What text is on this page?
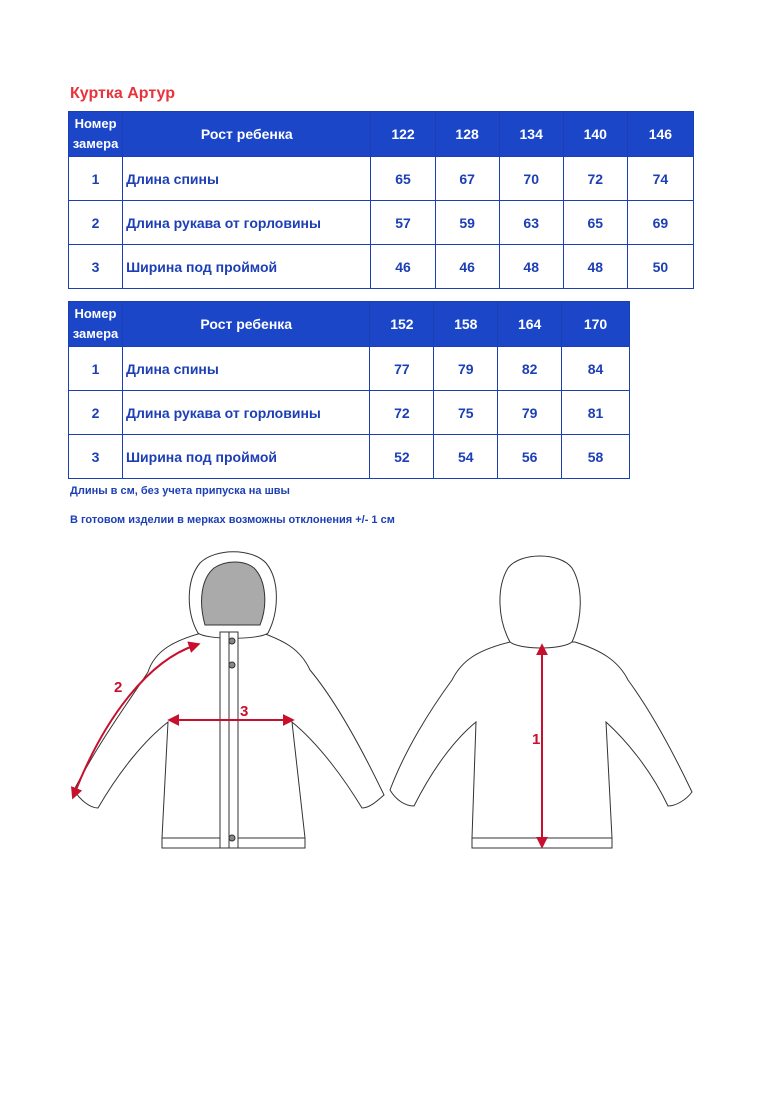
Куртка Артур
Номер
замера	Рост ребенка	122	128	134	140	146
1	Длина спины	65	67	70	72	74
2	Длина рукава от горловины	57	59	63	65	69
3	Ширина под проймой	46	46	48	48	50
Номер
замера	Рост ребенка	152	158	164	170
1	Длина спины	77	79	82	84
2	Длина рукава от горловины	72	75	79	81
3	Ширина под проймой	52	54	56	58
Длины в см, без учета припуска на швы
В готовом изделии в мерках возможны отклонения +/- 1 см
2
3
1
